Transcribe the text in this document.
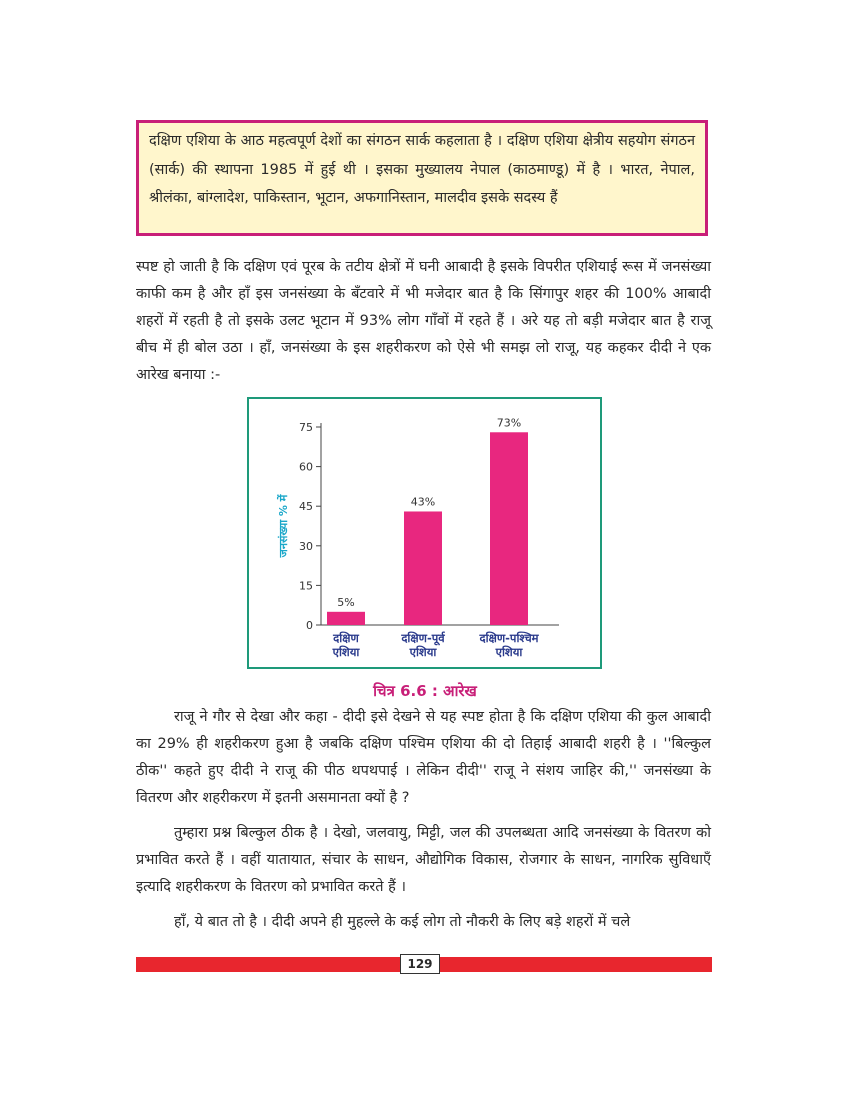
दक्षिण एशिया के आठ महत्वपूर्ण देशों का संगठन सार्क कहलाता है । दक्षिण एशिया क्षेत्रीय सहयोग संगठन (सार्क) की स्थापना 1985 में हुई थी । इसका मुख्यालय नेपाल (काठमाण्डू) में है । भारत, नेपाल, श्रीलंका, बांग्लादेश, पाकिस्तान, भूटान, अफगानिस्तान, मालदीव इसके सदस्य हैं

स्पष्ट हो जाती है कि दक्षिण एवं पूरब के तटीय क्षेत्रों में घनी आबादी है इसके विपरीत एशियाई रूस में जनसंख्या काफी कम है और हाँ इस जनसंख्या के बँटवारे में भी मजेदार बात है कि सिंगापुर शहर की 100% आबादी शहरों में रहती है तो इसके उलट भूटान में 93% लोग गाँवों में रहते हैं । अरे यह तो बड़ी मजेदार बात है राजू बीच में ही बोल उठा । हाँ, जनसंख्या के इस शहरीकरण को ऐसे भी समझ लो राजू, यह कहकर दीदी ने एक आरेख बनाया :-

0
15
30
45
60
75
जनसंख्या % में
5%
दक्षिण
एशिया
43%
दक्षिण-पूर्व
एशिया
73%
दक्षिण-पश्चिम
एशिया
चित्र 6.6 : आरेख

राजू ने गौर से देखा और कहा - दीदी इसे देखने से यह स्पष्ट होता है कि दक्षिण एशिया की कुल आबादी का 29% ही शहरीकरण हुआ है जबकि दक्षिण पश्चिम एशिया की दो तिहाई आबादी शहरी है । ''बिल्कुल ठीक'' कहते हुए दीदी ने राजू की पीठ थपथपाई । लेकिन दीदी'' राजू ने संशय जाहिर की,'' जनसंख्या के वितरण और शहरीकरण में इतनी असमानता क्यों है ?

तुम्हारा प्रश्न बिल्कुल ठीक है । देखो, जलवायु, मिट्टी, जल की उपलब्धता आदि जनसंख्या के वितरण को प्रभावित करते हैं । वहीं यातायात, संचार के साधन, औद्योगिक विकास, रोजगार के साधन, नागरिक सुविधाएँ इत्यादि शहरीकरण के वितरण को प्रभावित करते हैं ।

हाँ, ये बात तो है । दीदी अपने ही मुहल्ले के कई लोग तो नौकरी के लिए बड़े शहरों में चले

129
